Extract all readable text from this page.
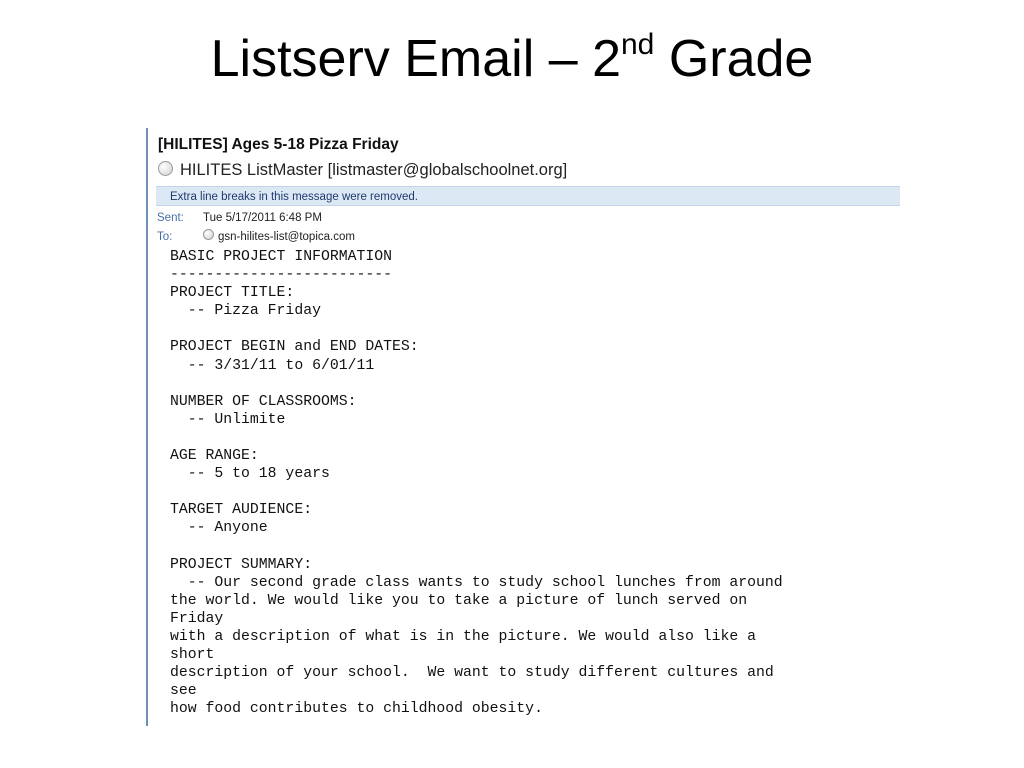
Listserv Email – 2nd Grade
[HILITES] Ages 5-18 Pizza Friday
HILITES ListMaster [listmaster@globalschoolnet.org]
Extra line breaks in this message were removed.
Sent: Tue 5/17/2011 6:48 PM
To:	gsn-hilites-list@topica.com
BASIC PROJECT INFORMATION
-------------------------
PROJECT TITLE:
-- Pizza Friday

PROJECT BEGIN and END DATES:
-- 3/31/11 to 6/01/11

NUMBER OF CLASSROOMS:
-- Unlimite

AGE RANGE:
-- 5 to 18 years

TARGET AUDIENCE:
-- Anyone

PROJECT SUMMARY:
-- Our second grade class wants to study school lunches from around
the world. We would like you to take a picture of lunch served on
Friday
with a description of what is in the picture. We would also like a
short
description of your school.  We want to study different cultures and
see
how food contributes to childhood obesity.
